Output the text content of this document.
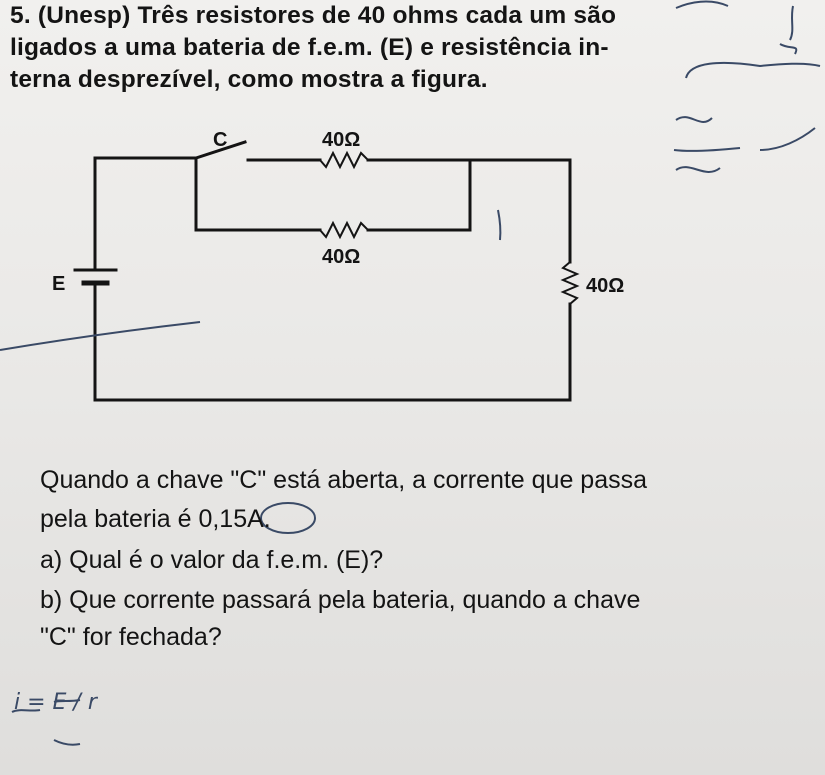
5. (Unesp) Três resistores de 40 ohms cada um são
ligados a uma bateria de f.e.m. (E) e resistência in-
terna desprezível, como mostra a figura.
C	40Ω
40Ω
40Ω
E
i = E / r
Quando a chave "C" está aberta, a corrente que passa
pela bateria é 0,15A.
a) Qual é o valor da f.e.m. (E)?
b) Que corrente passará pela bateria, quando a chave
"C" for fechada?
